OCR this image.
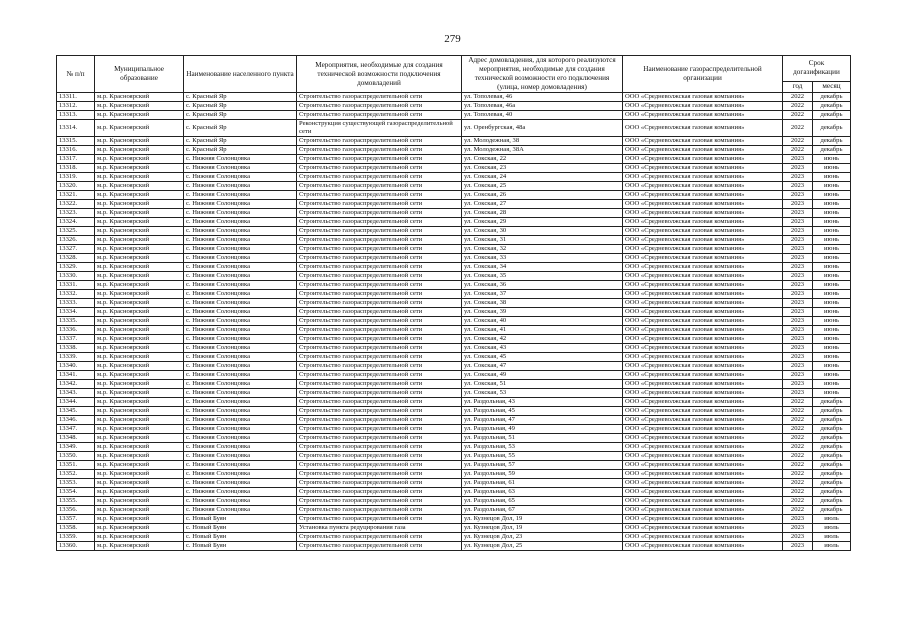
279
№ п/п	Муниципальное образование	Наименование населенного пункта	Мероприятия, необходимые для создания технической возможности подключения домовладений	Адрес домовладения, для которого реализуются мероприятия, необходимые для создания технической возможности его подключения (улица, номер домовладения)	Наименование газораспределительной организации	Срок догазификации	
						год	месяц
13311.	м.р. Красноярский	с. Красный Яр	Строительство газораспределительной сети	ул. Тополевая, 46	ООО «Средневолжская газовая компания»	2022	декабрь
13312.	м.р. Красноярский	с. Красный Яр	Строительство газораспределительной сети	ул. Тополевая, 46а	ООО «Средневолжская газовая компания»	2022	декабрь
13313.	м.р. Красноярский	с. Красный Яр	Строительство газораспределительной сети	ул. Тополевая, 40	ООО «Средневолжская газовая компания»	2022	декабрь
13314.	м.р. Красноярский	с. Красный Яр	Реконструкция существующей газораспределительной сети	ул. Оренбургская, 48а	ООО «Средневолжская газовая компания»	2022	декабрь
13315.	м.р. Красноярский	с. Красный Яр	Строительство газораспределительной сети	ул. Молодежная, 38	ООО «Средневолжская газовая компания»	2022	декабрь
13316.	м.р. Красноярский	с. Красный Яр	Строительство газораспределительной сети	ул. Молодежная, 38А	ООО «Средневолжская газовая компания»	2022	декабрь
13317.	м.р. Красноярский	с. Нижняя Солонцовка	Строительство газораспределительной сети	ул. Сокская, 22	ООО «Средневолжская газовая компания»	2023	июнь
13318.	м.р. Красноярский	с. Нижняя Солонцовка	Строительство газораспределительной сети	ул. Сокская, 23	ООО «Средневолжская газовая компания»	2023	июнь
13319.	м.р. Красноярский	с. Нижняя Солонцовка	Строительство газораспределительной сети	ул. Сокская, 24	ООО «Средневолжская газовая компания»	2023	июнь
13320.	м.р. Красноярский	с. Нижняя Солонцовка	Строительство газораспределительной сети	ул. Сокская, 25	ООО «Средневолжская газовая компания»	2023	июнь
13321.	м.р. Красноярский	с. Нижняя Солонцовка	Строительство газораспределительной сети	ул. Сокская, 26	ООО «Средневолжская газовая компания»	2023	июнь
13322.	м.р. Красноярский	с. Нижняя Солонцовка	Строительство газораспределительной сети	ул. Сокская, 27	ООО «Средневолжская газовая компания»	2023	июнь
13323.	м.р. Красноярский	с. Нижняя Солонцовка	Строительство газораспределительной сети	ул. Сокская, 28	ООО «Средневолжская газовая компания»	2023	июнь
13324.	м.р. Красноярский	с. Нижняя Солонцовка	Строительство газораспределительной сети	ул. Сокская, 29	ООО «Средневолжская газовая компания»	2023	июнь
13325.	м.р. Красноярский	с. Нижняя Солонцовка	Строительство газораспределительной сети	ул. Сокская, 30	ООО «Средневолжская газовая компания»	2023	июнь
13326.	м.р. Красноярский	с. Нижняя Солонцовка	Строительство газораспределительной сети	ул. Сокская, 31	ООО «Средневолжская газовая компания»	2023	июнь
13327.	м.р. Красноярский	с. Нижняя Солонцовка	Строительство газораспределительной сети	ул. Сокская, 32	ООО «Средневолжская газовая компания»	2023	июнь
13328.	м.р. Красноярский	с. Нижняя Солонцовка	Строительство газораспределительной сети	ул. Сокская, 33	ООО «Средневолжская газовая компания»	2023	июнь
13329.	м.р. Красноярский	с. Нижняя Солонцовка	Строительство газораспределительной сети	ул. Сокская, 34	ООО «Средневолжская газовая компания»	2023	июнь
13330.	м.р. Красноярский	с. Нижняя Солонцовка	Строительство газораспределительной сети	ул. Сокская, 35	ООО «Средневолжская газовая компания»	2023	июнь
13331.	м.р. Красноярский	с. Нижняя Солонцовка	Строительство газораспределительной сети	ул. Сокская, 36	ООО «Средневолжская газовая компания»	2023	июнь
13332.	м.р. Красноярский	с. Нижняя Солонцовка	Строительство газораспределительной сети	ул. Сокская, 37	ООО «Средневолжская газовая компания»	2023	июнь
13333.	м.р. Красноярский	с. Нижняя Солонцовка	Строительство газораспределительной сети	ул. Сокская, 38	ООО «Средневолжская газовая компания»	2023	июнь
13334.	м.р. Красноярский	с. Нижняя Солонцовка	Строительство газораспределительной сети	ул. Сокская, 39	ООО «Средневолжская газовая компания»	2023	июнь
13335.	м.р. Красноярский	с. Нижняя Солонцовка	Строительство газораспределительной сети	ул. Сокская, 40	ООО «Средневолжская газовая компания»	2023	июнь
13336.	м.р. Красноярский	с. Нижняя Солонцовка	Строительство газораспределительной сети	ул. Сокская, 41	ООО «Средневолжская газовая компания»	2023	июнь
13337.	м.р. Красноярский	с. Нижняя Солонцовка	Строительство газораспределительной сети	ул. Сокская, 42	ООО «Средневолжская газовая компания»	2023	июнь
13338.	м.р. Красноярский	с. Нижняя Солонцовка	Строительство газораспределительной сети	ул. Сокская, 43	ООО «Средневолжская газовая компания»	2023	июнь
13339.	м.р. Красноярский	с. Нижняя Солонцовка	Строительство газораспределительной сети	ул. Сокская, 45	ООО «Средневолжская газовая компания»	2023	июнь
13340.	м.р. Красноярский	с. Нижняя Солонцовка	Строительство газораспределительной сети	ул. Сокская, 47	ООО «Средневолжская газовая компания»	2023	июнь
13341.	м.р. Красноярский	с. Нижняя Солонцовка	Строительство газораспределительной сети	ул. Сокская, 49	ООО «Средневолжская газовая компания»	2023	июнь
13342.	м.р. Красноярский	с. Нижняя Солонцовка	Строительство газораспределительной сети	ул. Сокская, 51	ООО «Средневолжская газовая компания»	2023	июнь
13343.	м.р. Красноярский	с. Нижняя Солонцовка	Строительство газораспределительной сети	ул. Сокская, 53	ООО «Средневолжская газовая компания»	2023	июнь
13344.	м.р. Красноярский	с. Нижняя Солонцовка	Строительство газораспределительной сети	ул. Раздольная, 43	ООО «Средневолжская газовая компания»	2022	декабрь
13345.	м.р. Красноярский	с. Нижняя Солонцовка	Строительство газораспределительной сети	ул. Раздольная, 45	ООО «Средневолжская газовая компания»	2022	декабрь
13346.	м.р. Красноярский	с. Нижняя Солонцовка	Строительство газораспределительной сети	ул. Раздольная, 47	ООО «Средневолжская газовая компания»	2022	декабрь
13347.	м.р. Красноярский	с. Нижняя Солонцовка	Строительство газораспределительной сети	ул. Раздольная, 49	ООО «Средневолжская газовая компания»	2022	декабрь
13348.	м.р. Красноярский	с. Нижняя Солонцовка	Строительство газораспределительной сети	ул. Раздольная, 51	ООО «Средневолжская газовая компания»	2022	декабрь
13349.	м.р. Красноярский	с. Нижняя Солонцовка	Строительство газораспределительной сети	ул. Раздольная, 53	ООО «Средневолжская газовая компания»	2022	декабрь
13350.	м.р. Красноярский	с. Нижняя Солонцовка	Строительство газораспределительной сети	ул. Раздольная, 55	ООО «Средневолжская газовая компания»	2022	декабрь
13351.	м.р. Красноярский	с. Нижняя Солонцовка	Строительство газораспределительной сети	ул. Раздольная, 57	ООО «Средневолжская газовая компания»	2022	декабрь
13352.	м.р. Красноярский	с. Нижняя Солонцовка	Строительство газораспределительной сети	ул. Раздольная, 59	ООО «Средневолжская газовая компания»	2022	декабрь
13353.	м.р. Красноярский	с. Нижняя Солонцовка	Строительство газораспределительной сети	ул. Раздольная, 61	ООО «Средневолжская газовая компания»	2022	декабрь
13354.	м.р. Красноярский	с. Нижняя Солонцовка	Строительство газораспределительной сети	ул. Раздольная, 63	ООО «Средневолжская газовая компания»	2022	декабрь
13355.	м.р. Красноярский	с. Нижняя Солонцовка	Строительство газораспределительной сети	ул. Раздольная, 65	ООО «Средневолжская газовая компания»	2022	декабрь
13356.	м.р. Красноярский	с. Нижняя Солонцовка	Строительство газораспределительной сети	ул. Раздольная, 67	ООО «Средневолжская газовая компания»	2022	декабрь
13357.	м.р. Красноярский	с. Новый Буян	Строительство газораспределительной сети	ул. Кузнецов Дол, 19	ООО «Средневолжская газовая компания»	2023	июль
13358.	м.р. Красноярский	с. Новый Буян	Установка пункта редуцирования газа	ул. Кузнецов Дол, 19	ООО «Средневолжская газовая компания»	2023	июль
13359.	м.р. Красноярский	с. Новый Буян	Строительство газораспределительной сети	ул. Кузнецов Дол, 23	ООО «Средневолжская газовая компания»	2023	июль
13360.	м.р. Красноярский	с. Новый Буян	Строительство газораспределительной сети	ул. Кузнецов Дол, 25	ООО «Средневолжская газовая компания»	2023	июль
